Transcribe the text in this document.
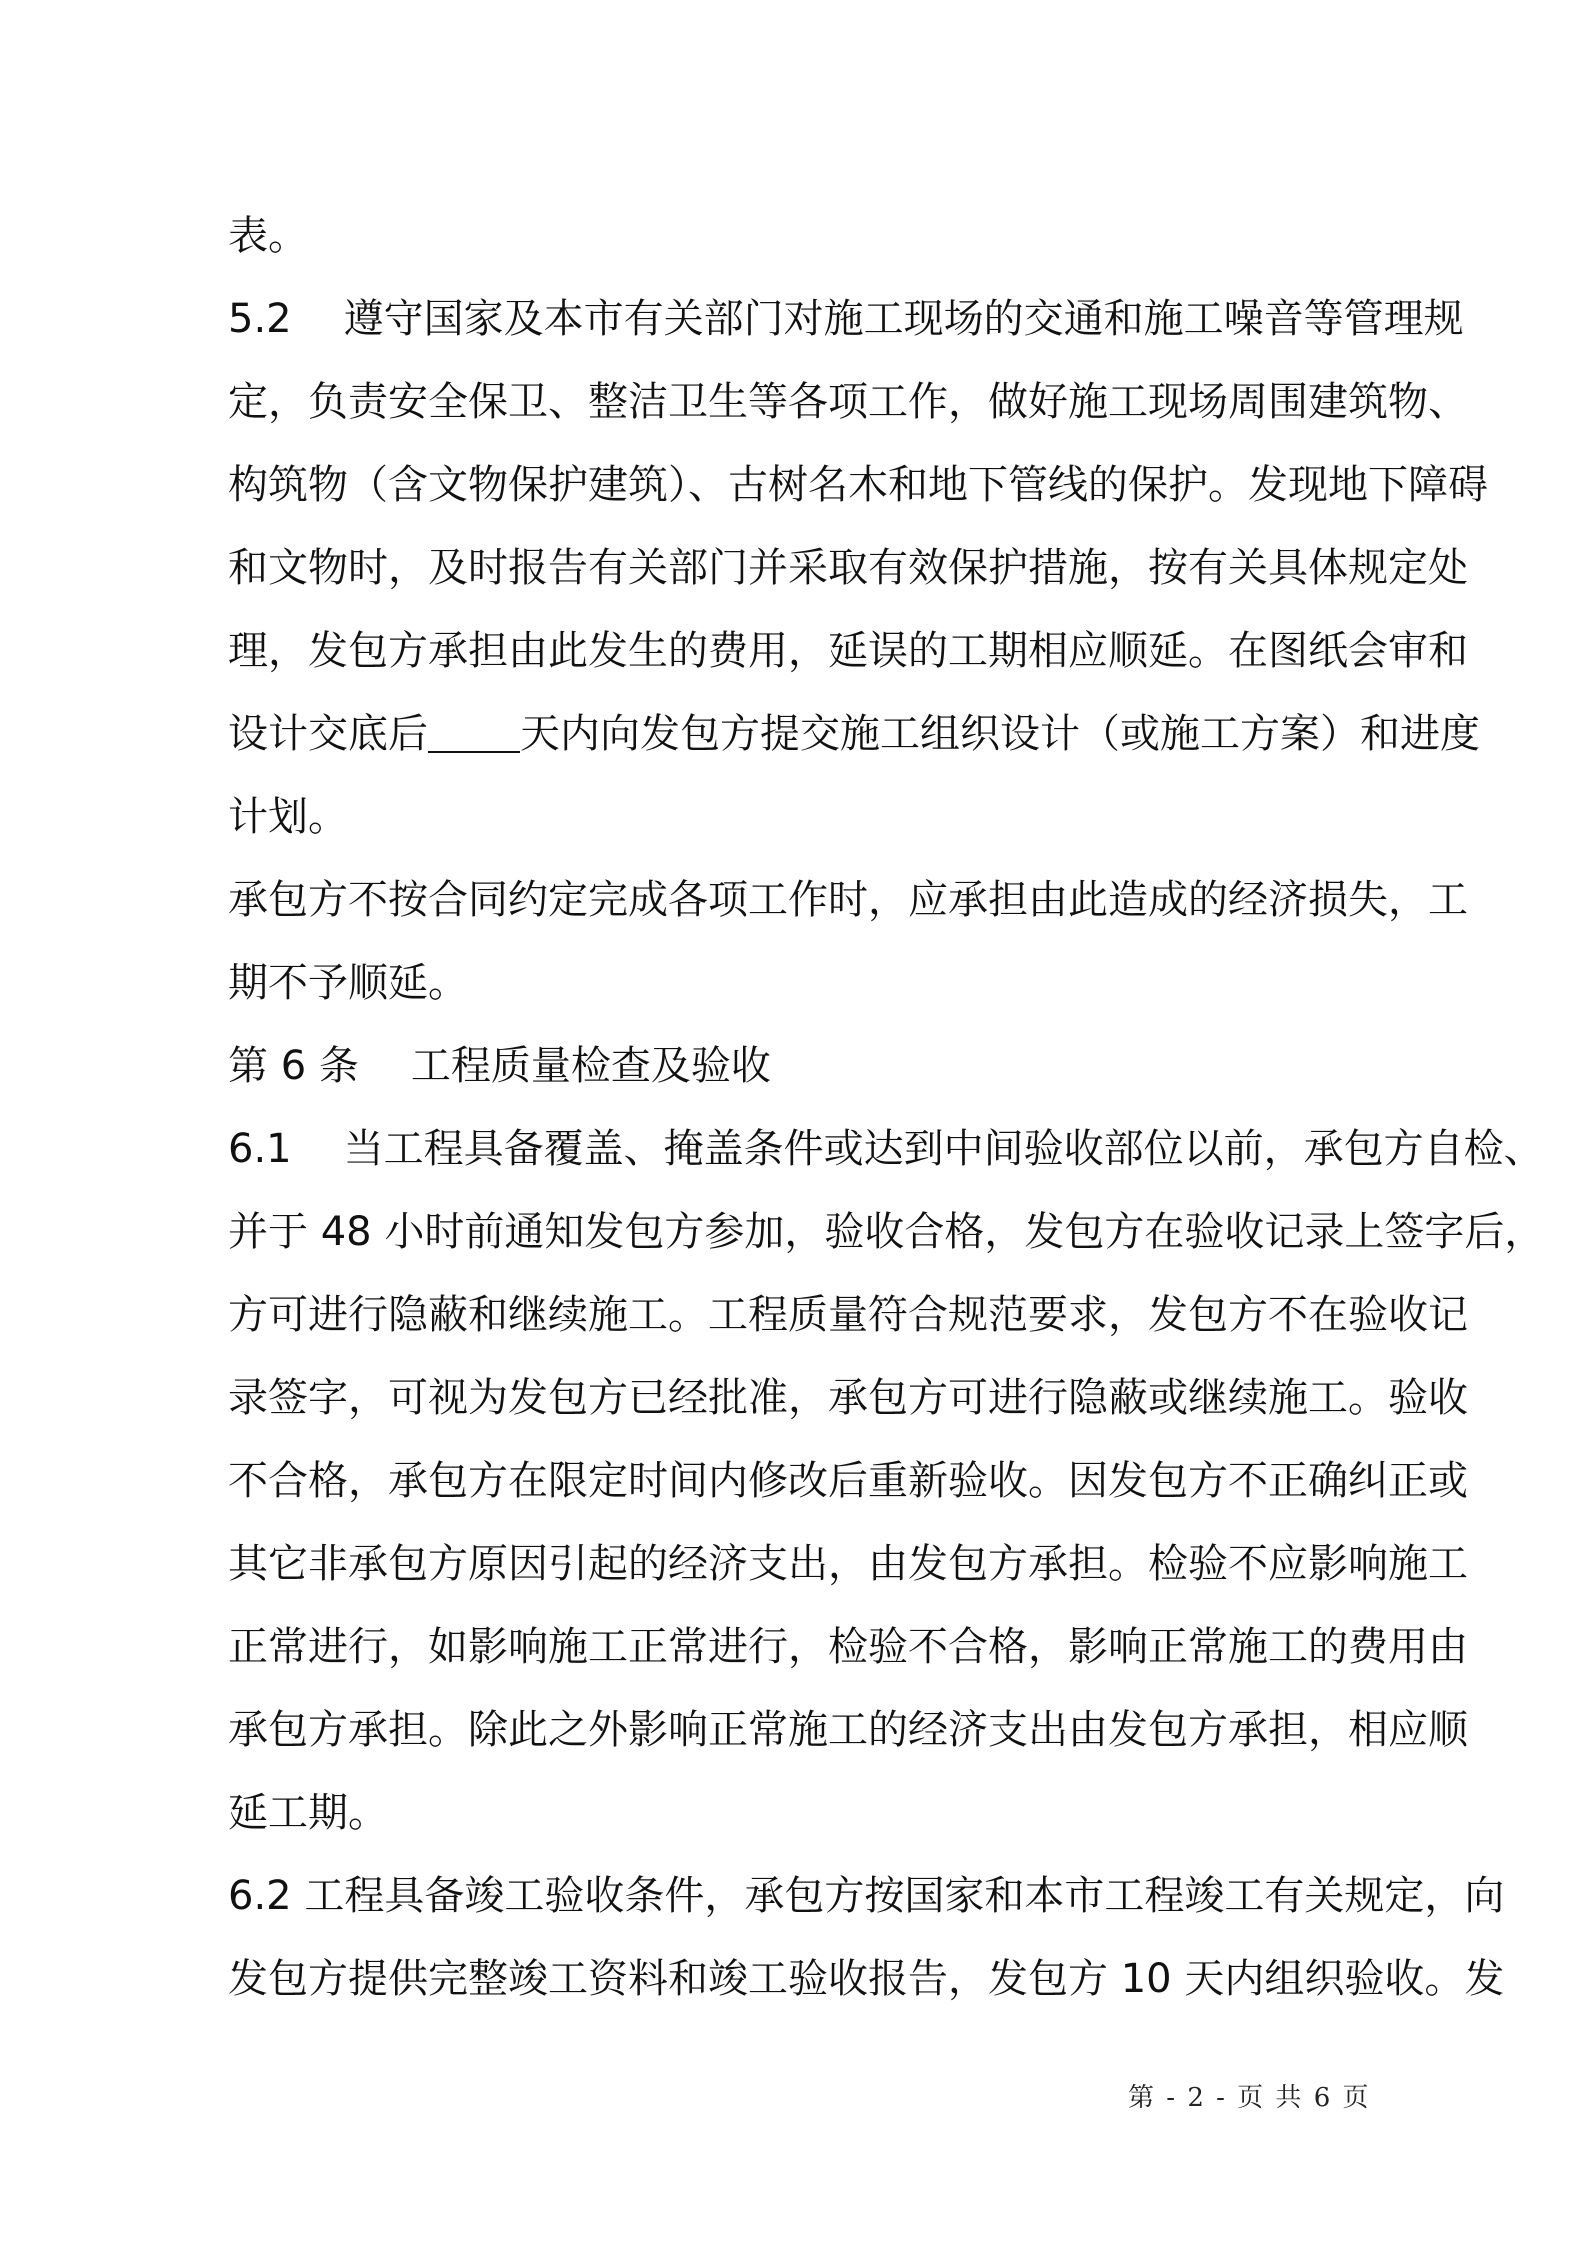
表。
5.2 遵守国家及本市有关部门对施工现场的交通和施工噪音等管理规
定，负责安全保卫、整洁卫生等各项工作，做好施工现场周围建筑物、
构筑物（含文物保护建筑）、古树名木和地下管线的保护。发现地下障碍
和文物时，及时报告有关部门并采取有效保护措施，按有关具体规定处
理，发包方承担由此发生的费用，延误的工期相应顺延。在图纸会审和
设计交底后 天内向发包方提交施工组织设计（或施工方案）和进度
计划。
承包方不按合同约定完成各项工作时，应承担由此造成的经济损失，工
期不予顺延。
第 6 条 工程质量检查及验收
6.1 当工程具备覆盖、掩盖条件或达到中间验收部位以前，承包方自检、
并于 48 小时前通知发包方参加，验收合格，发包方在验收记录上签字后，
方可进行隐蔽和继续施工。工程质量符合规范要求，发包方不在验收记
录签字，可视为发包方已经批准，承包方可进行隐蔽或继续施工。验收
不合格，承包方在限定时间内修改后重新验收。因发包方不正确纠正或
其它非承包方原因引起的经济支出，由发包方承担。检验不应影响施工
正常进行，如影响施工正常进行，检验不合格，影响正常施工的费用由
承包方承担。除此之外影响正常施工的经济支出由发包方承担，相应顺
延工期。
6.2 工程具备竣工验收条件，承包方按国家和本市工程竣工有关规定，向
发包方提供完整竣工资料和竣工验收报告，发包方 10 天内组织验收。发
第 - 2 - 页 共 6 页
